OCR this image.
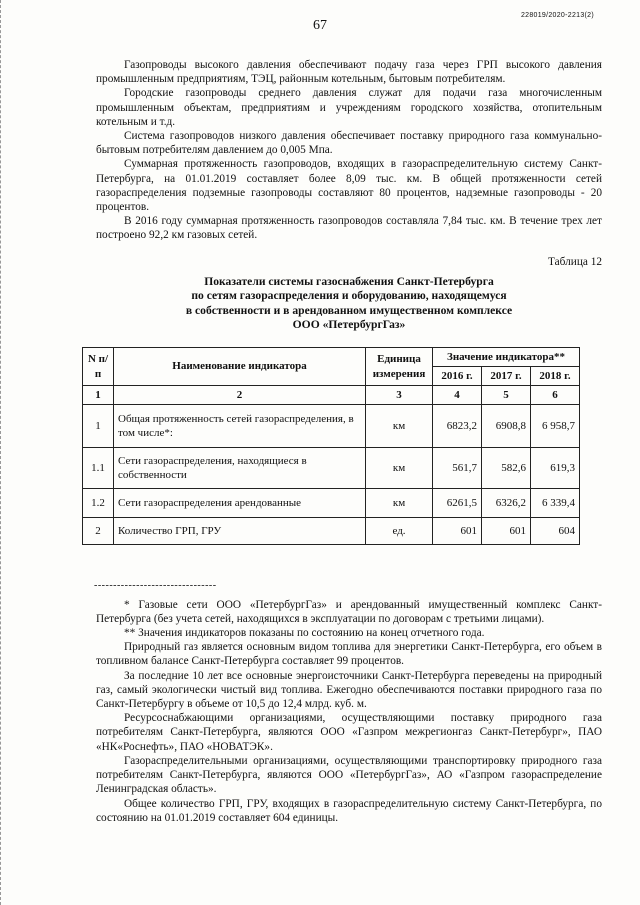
67
228019/2020-2213(2)

Газопроводы высокого давления обеспечивают подачу газа через ГРП высокого давления промышленным предприятиям, ТЭЦ, районным котельным, бытовым потребителям.

Городские газопроводы среднего давления служат для подачи газа многочисленным промышленным объектам, предприятиям и учреждениям городского хозяйства, отопительным котельным и т.д.

Система газопроводов низкого давления обеспечивает поставку природного газа коммунально-бытовым потребителям давлением до 0,005 Мпа.

Суммарная протяженность газопроводов, входящих в газораспределительную систему Санкт-Петербурга, на 01.01.2019 составляет более 8,09 тыс. км. В общей протяженности сетей газораспределения подземные газопроводы составляют 80 процентов, надземные газопроводы - 20 процентов.

В 2016 году суммарная протяженность газопроводов составляла 7,84 тыс. км. В течение трех лет построено 92,2 км газовых сетей.

Таблица 12
Показатели системы газоснабжения Санкт-Петербурга
по сетям газораспределения и оборудованию, находящемуся
в собственности и в арендованном имущественном комплексе
ООО «ПетербургГаз»
N п/п	Наименование индикатора	Единица измерения	Значение индикатора**		
			2016 г.	2017 г.	2018 г.
1	2	3	4	5	6
1	Общая протяженность сетей газораспределения, в том числе*:	км	6823,2	6908,8	6 958,7
1.1	Сети газораспределения, находящиеся в собственности	км	561,7	582,6	619,3
1.2	Сети газораспределения арендованные	км	6261,5	6326,2	6 339,4
2	Количество ГРП, ГРУ	ед.	601	601	604
--------------------------------

* Газовые сети ООО «ПетербургГаз» и арендованный имущественный комплекс Санкт-Петербурга (без учета сетей, находящихся в эксплуатации по договорам с третьими лицами).

** Значения индикаторов показаны по состоянию на конец отчетного года.

Природный газ является основным видом топлива для энергетики Санкт-Петербурга, его объем в топливном балансе Санкт-Петербурга составляет 99 процентов.

За последние 10 лет все основные энергоисточники Санкт-Петербурга переведены на природный газ, самый экологически чистый вид топлива. Ежегодно обеспечиваются поставки природного газа по Санкт-Петербургу в объеме от 10,5 до 12,4 млрд. куб. м.

Ресурсоснабжающими организациями, осуществляющими поставку природного газа потребителям Санкт-Петербурга, являются ООО «Газпром межрегионгаз Санкт-Петербург», ПАО «НК«Роснефть», ПАО «НОВАТЭК».

Газораспределительными организациями, осуществляющими транспортировку природного газа потребителям Санкт-Петербурга, являются ООО «ПетербургГаз», АО «Газпром газораспределение Ленинградская область».

Общее количество ГРП, ГРУ, входящих в газораспределительную систему Санкт-Петербурга, по состоянию на 01.01.2019 составляет 604 единицы.
